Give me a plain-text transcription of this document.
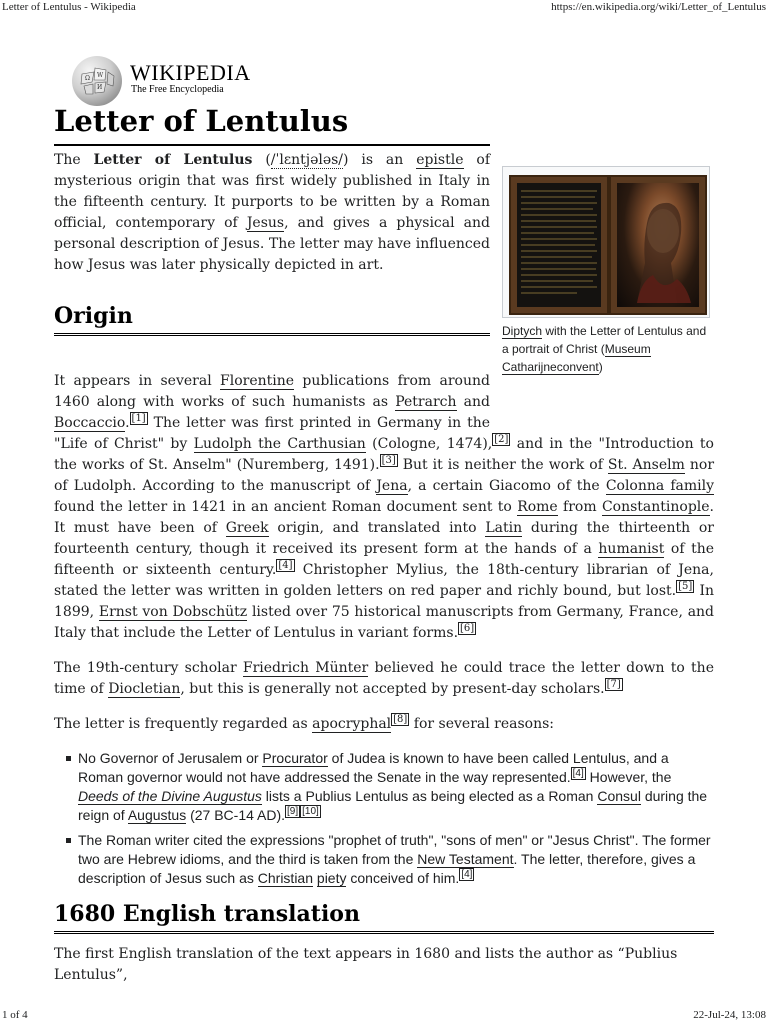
Letter of Lentulus - Wikipedia	https://en.wikipedia.org/wiki/Letter_of_Lentulus
Ω W
И
WIKIPEDIA
The Free Encyclopedia
Letter of Lentulus
Diptych with the Letter of Lentulus and a portrait of Christ (Museum Catharijneconvent)

The Letter of Lentulus (/ˈlɛntjələs/) is an epistle of mysterious origin that was first widely published in Italy in the fifteenth century. It purports to be written by a Roman official, contemporary of Jesus, and gives a physical and personal description of Jesus. The letter may have influenced how Jesus was later physically depicted in art.

Origin

It appears in several Florentine publications from around 1460 along with works of such humanists as Petrarch and Boccaccio. [1] The letter was first printed in Germany in the "Life of Christ" by Ludolph the Carthusian (Cologne, 1474), [2] and in the "Introduction to the works of St. Anselm" (Nuremberg, 1491). [3] But it is neither the work of St. Anselm nor of Ludolph. According to the manuscript of Jena, a certain Giacomo of the Colonna family found the letter in 1421 in an ancient Roman document sent to Rome from Constantinople. It must have been of Greek origin, and translated into Latin during the thirteenth or fourteenth century, though it received its present form at the hands of a humanist of the fifteenth or sixteenth century. [4] Christopher Mylius, the 18th-century librarian of Jena, stated the letter was written in golden letters on red paper and richly bound, but lost. [5] In 1899, Ernst von Dobschütz listed over 75 historical manuscripts from Germany, France, and Italy that include the Letter of Lentulus in variant forms. [6]

The 19th-century scholar Friedrich Münter believed he could trace the letter down to the time of Diocletian, but this is generally not accepted by present-day scholars. [7]

The letter is frequently regarded as apocryphal [8] for several reasons:

No Governor of Jerusalem or Procurator of Judea is known to have been called Lentulus, and a Roman governor would not have addressed the Senate in the way represented. [4] However, the Deeds of the Divine Augustus lists a Publius Lentulus as being elected as a Roman Consul during the reign of Augustus (27 BC-14 AD). [9] [10]
The Roman writer cited the expressions "prophet of truth", "sons of men" or "Jesus Christ". The former two are Hebrew idioms, and the third is taken from the New Testament. The letter, therefore, gives a description of Jesus such as Christian piety conceived of him. [4]
1680 English translation

The first English translation of the text appears in 1680 and lists the author as “Publius Lentulus”,

1 of 4	22-Jul-24, 13:08
